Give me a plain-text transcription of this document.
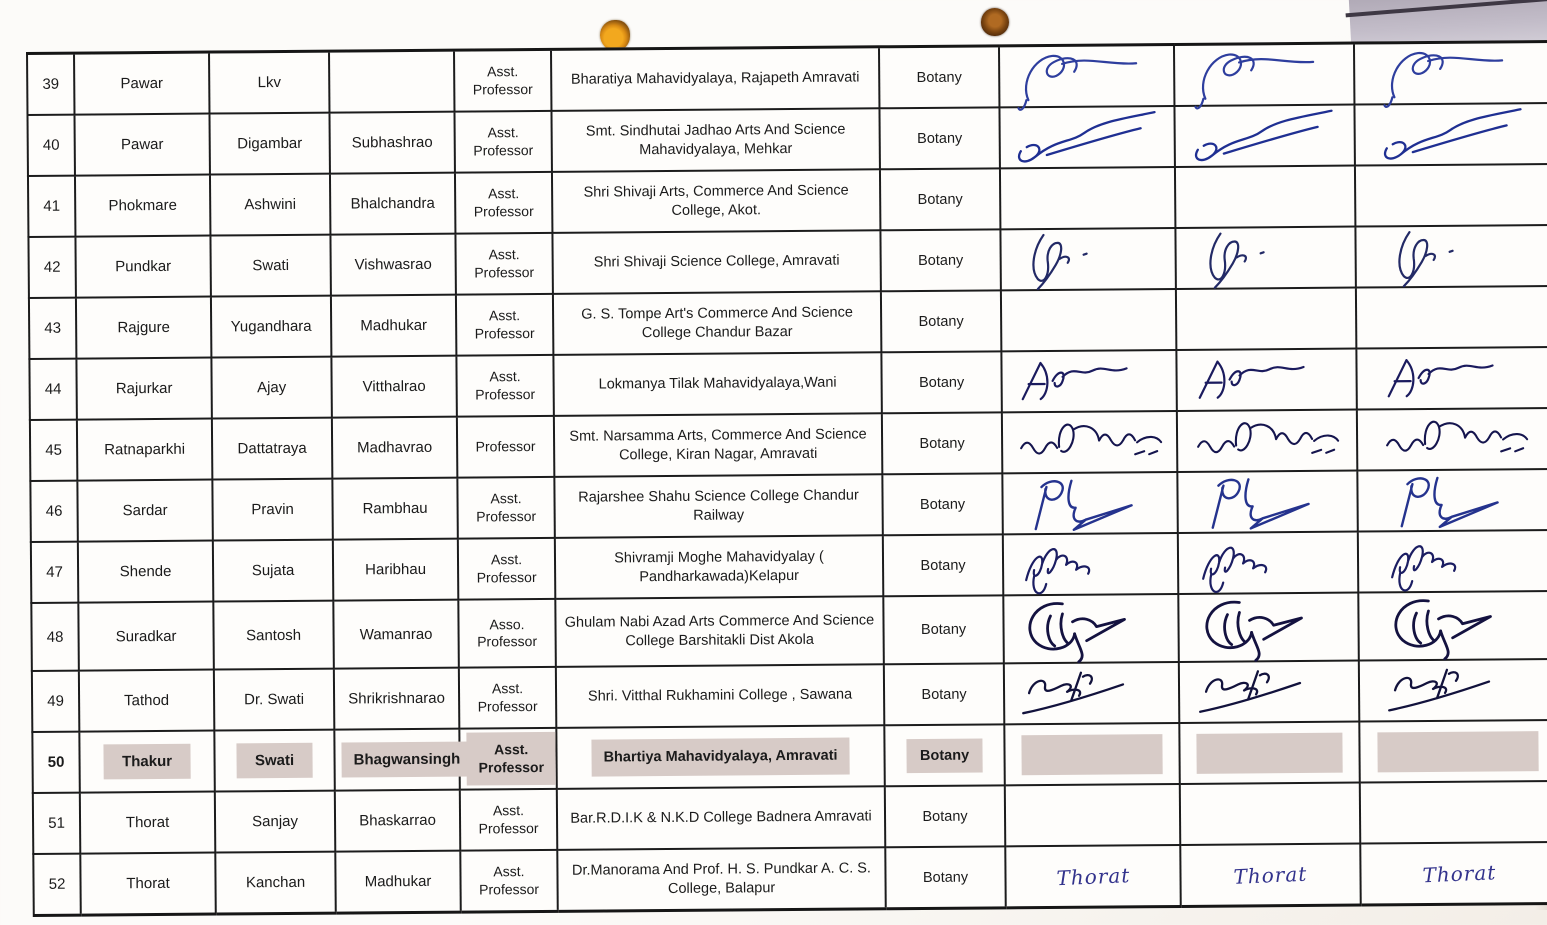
39	Pawar	Lkv		Asst. Professor	Bharatiya Mahavidyalaya, Rajapeth Amravati	Botany	

40	Pawar	Digambar	Subhashrao	Asst. Professor	Smt. Sindhutai Jadhao Arts And Science Mahavidyalaya, Mehkar	Botany	

41	Phokmare	Ashwini	Bhalchandra	Asst. Professor	Shri Shivaji Arts, Commerce And Science College, Akot.	Botany			
42	Pundkar	Swati	Vishwasrao	Asst. Professor	Shri Shivaji Science College, Amravati	Botany	

43	Rajgure	Yugandhara	Madhukar	Asst. Professor	G. S. Tompe Art's Commerce And Science College Chandur Bazar	Botany			
44	Rajurkar	Ajay	Vitthalrao	Asst. Professor	Lokmanya Tilak Mahavidyalaya,Wani	Botany	

45	Ratnaparkhi	Dattatraya	Madhavrao	Professor	Smt. Narsamma Arts, Commerce And Science College, Kiran Nagar, Amravati	Botany	

46	Sardar	Pravin	Rambhau	Asst. Professor	Rajarshee Shahu Science College Chandur Railway	Botany	

47	Shende	Sujata	Haribhau	Asst. Professor	Shivramji Moghe Mahavidyalay ( Pandharkawada)Kelapur	Botany	

48	Suradkar	Santosh	Wamanrao	Asso. Professor	Ghulam Nabi Azad Arts Commerce And Science College Barshitakli Dist Akola	Botany	

49	Tathod	Dr. Swati	Shrikrishnarao	Asst. Professor	Shri. Vitthal Rukhamini College , Sawana	Botany	

50	Thakur	Swati	Bhagwansingh	Asst. Professor	Bhartiya Mahavidyalaya, Amravati	Botany	

51	Thorat	Sanjay	Bhaskarrao	Asst. Professor	Bar.R.D.I.K & N.K.D College Badnera Amravati	Botany			
52	Thorat	Kanchan	Madhukar	Asst. Professor	Dr.Manorama And Prof. H. S. Pundkar A. C. S. College, Balapur	Botany	Thorat	Thorat	Thorat
